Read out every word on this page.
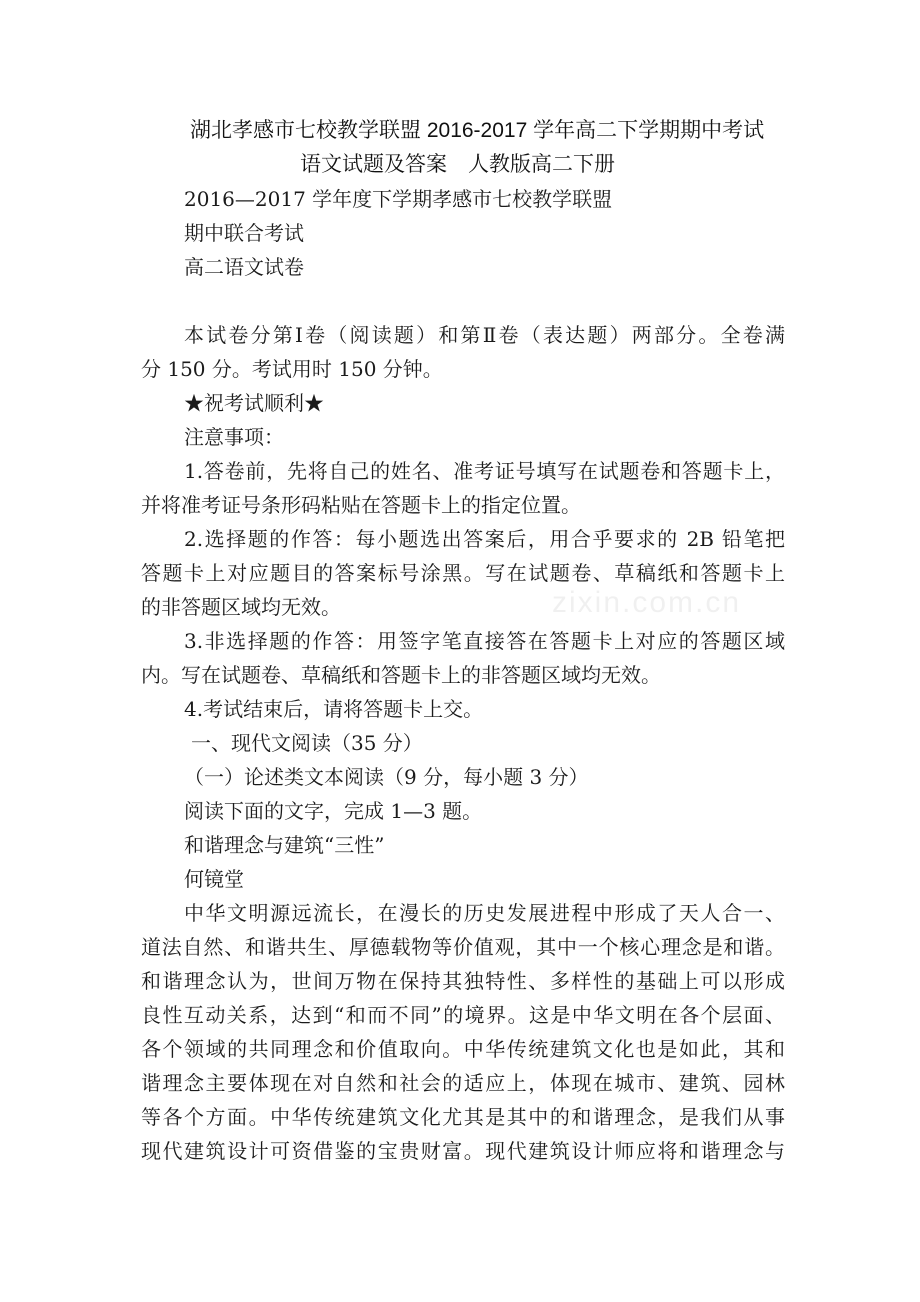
zixin.com.cn
湖北孝感市七校教学联盟 2016-2017 学年高二下学期期中考试
语文试题及答案　人教版高二下册
2016—2017 学年度下学期孝感市七校教学联盟
期中联合考试
高二语文试卷
本试卷分第Ⅰ卷（阅读题）和第Ⅱ卷（表达题）两部分。全卷满
分 150 分。考试用时 150 分钟。
★祝考试顺利★
注意事项：
1.答卷前，先将自己的姓名、准考证号填写在试题卷和答题卡上，
并将准考证号条形码粘贴在答题卡上的指定位置。
2.选择题的作答：每小题选出答案后，用合乎要求的 2B 铅笔把
答题卡上对应题目的答案标号涂黑。写在试题卷、草稿纸和答题卡上
的非答题区域均无效。
3.非选择题的作答：用签字笔直接答在答题卡上对应的答题区域
内。写在试题卷、草稿纸和答题卡上的非答题区域均无效。
4.考试结束后，请将答题卡上交。
一、现代文阅读（35 分）
（一）论述类文本阅读（9 分，每小题 3 分）
阅读下面的文字，完成 1—3 题。
和谐理念与建筑“三性”
何镜堂
中华文明源远流长，在漫长的历史发展进程中形成了天人合一、
道法自然、和谐共生、厚德载物等价值观，其中一个核心理念是和谐。
和谐理念认为，世间万物在保持其独特性、多样性的基础上可以形成
良性互动关系，达到“和而不同”的境界。这是中华文明在各个层面、
各个领域的共同理念和价值取向。中华传统建筑文化也是如此，其和
谐理念主要体现在对自然和社会的适应上，体现在城市、建筑、园林
等各个方面。中华传统建筑文化尤其是其中的和谐理念，是我们从事
现代建筑设计可资借鉴的宝贵财富。现代建筑设计师应将和谐理念与
